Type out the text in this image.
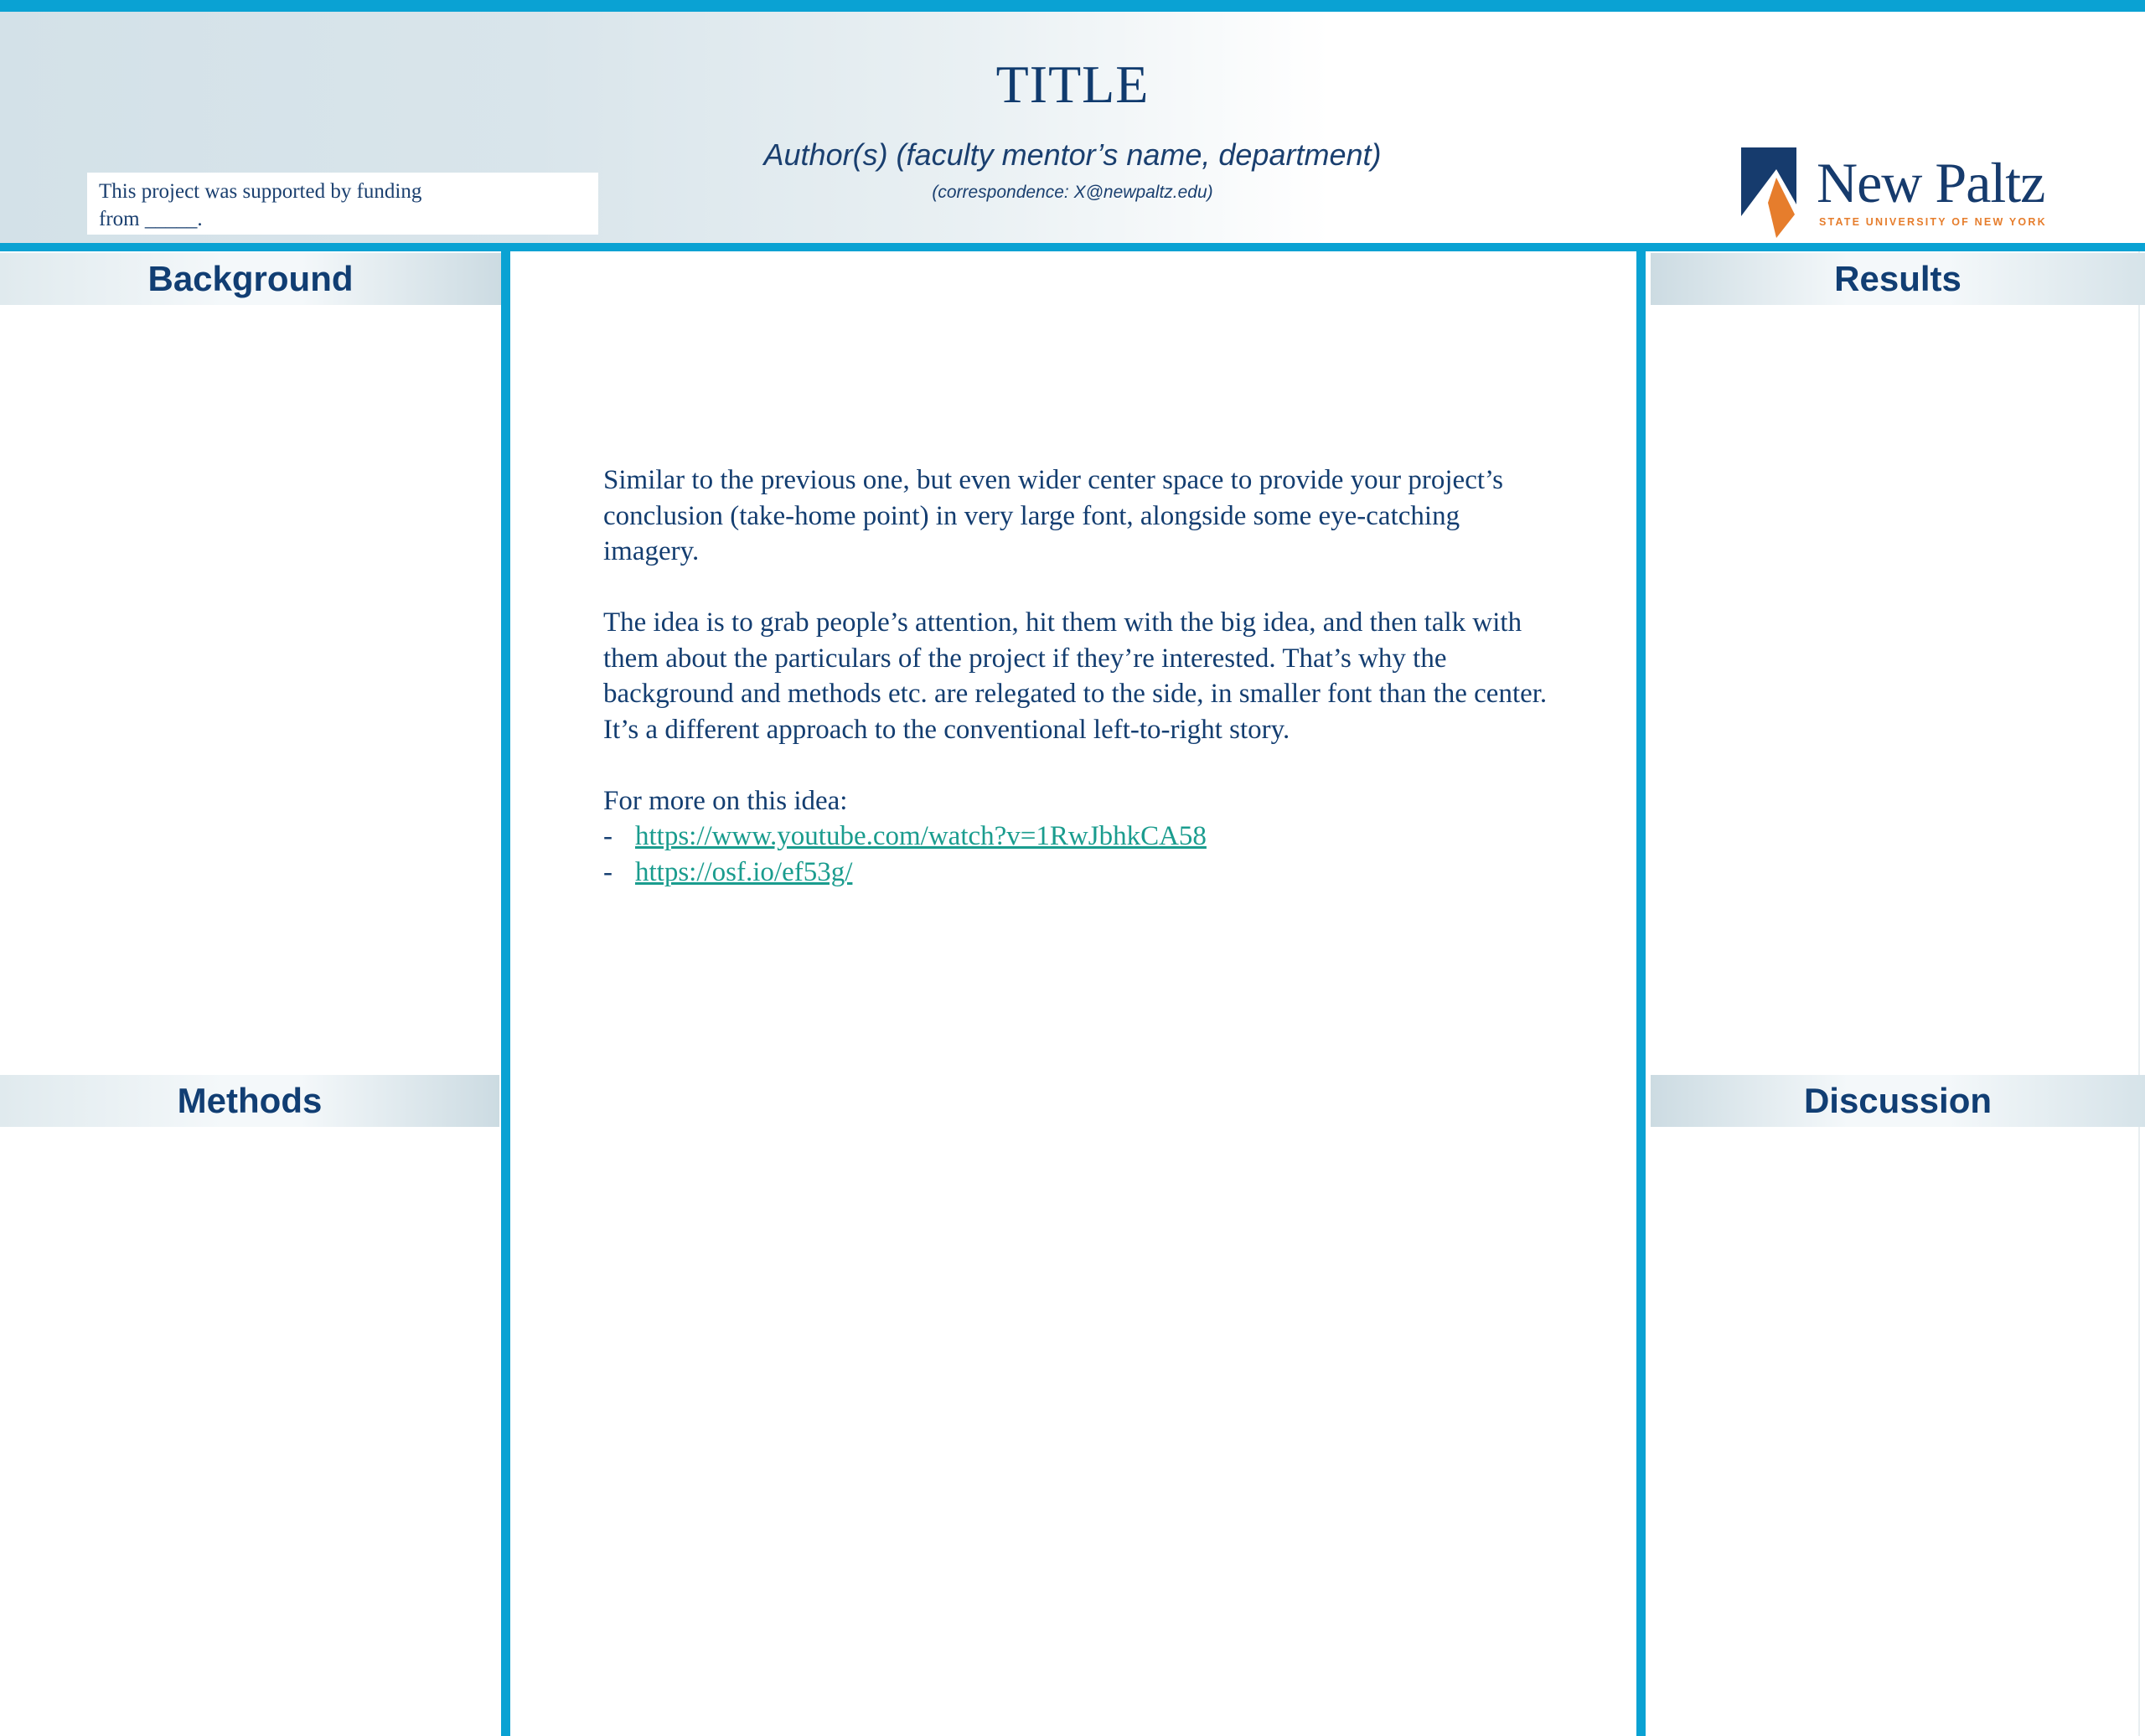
TITLE
Author(s) (faculty mentor’s name, department)
(correspondence: X@newpaltz.edu)
This project was supported by funding
from _____.
New Paltz
STATE UNIVERSITY OF NEW YORK
Background
Methods
Results
Discussion

Similar to the previous one, but even wider center space to provide your project’s conclusion (take-home point) in very large font, alongside some eye-catching imagery.

The idea is to grab people’s attention, hit them with the big idea, and then talk with them about the particulars of the project if they’re interested. That’s why the background and methods etc. are relegated to the side, in smaller font than the center. It’s a different approach to the conventional left-to-right story.

For more on this idea:
- https://www.youtube.com/watch?v=1RwJbhkCA58
- https://osf.io/ef53g/
